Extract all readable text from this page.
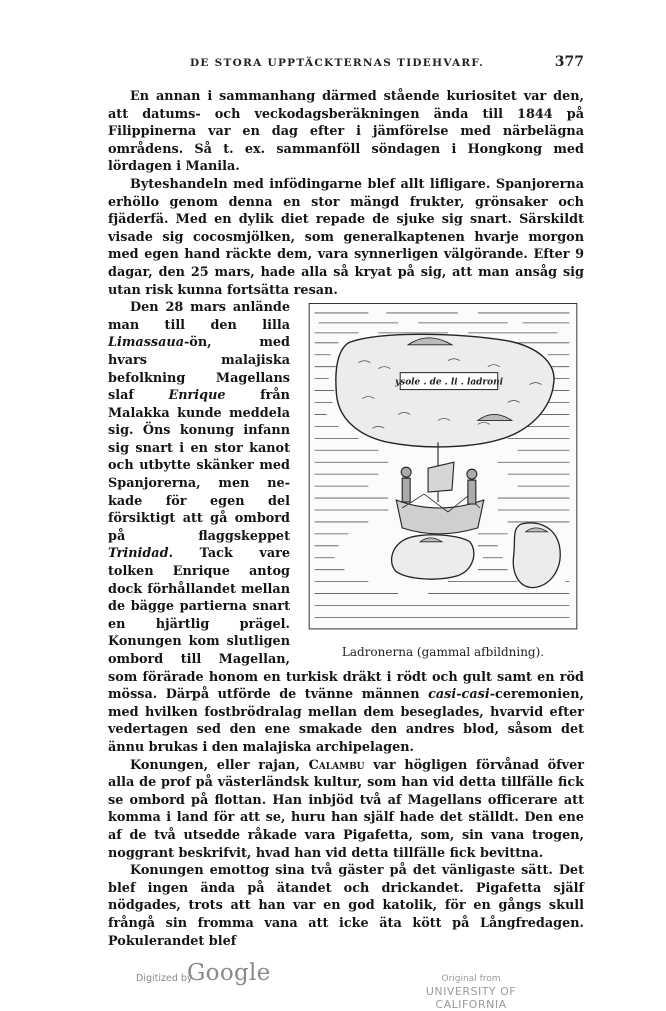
DE STORA UPPTÄCKTERNAS TIDEHVARF.	377

En annan i sammanhang därmed stående kuriositet var den, att datums- och veckodagsberäkningen ända till 1844 på Filippinerna var en dag efter i jämförelse med närbelägna områdens. Så t. ex. sammanföll söndagen i Hongkong med lördagen i Manila.

Byteshandeln med infödingarne blef allt lifligare. Spanjorerna erhöllo genom denna en stor mängd frukter, grönsaker och fjäderfä. Med en dylik diet repade de sjuke sig snart. Särskildt visade sig cocosmjölken, som generalkaptenen hvarje morgon med egen hand räckte dem, vara synnerligen välgörande. Efter 9 dagar, den 25 mars, hade alla så kryat på sig, att man ansåg sig utan risk kunna fortsätta resan.

ysole . de . li . ladroni
Ladronerna (gammal afbildning).

Den 28 mars anlände man till den lilla Limassaua-ön, med hvars malajiska befolkning Magellans slaf Enrique från Malakka kunde meddela sig. Öns konung infann sig snart i en stor kanot och utbytte skänker med Spanjorerna, men nekade för egen del försiktigt att gå ombord på flaggskeppet Trinidad. Tack vare tolken Enrique antog dock förhållandet mellan de bägge partierna snart en hjärtlig prägel. Konungen kom slutligen ombord till Magellan, som förärade honom en turkisk dräkt i rödt och gult samt en röd mössa. Därpå utförde de tvänne männen casi-casi-ceremonien, med hvilken fostbrödralag mellan dem beseglades, hvarvid efter vedertagen sed den ene smakade den andres blod, såsom det ännu brukas i den malajiska archipelagen.

Konungen, eller rajan, Calambu var högligen förvånad öfver alla de prof på västerländsk kultur, som han vid detta tillfälle fick se ombord på flottan. Han inbjöd två af Magellans officerare att komma i land för att se, huru han själf hade det ställdt. Den ene af de två utsedde råkade vara Pigafetta, som, sin vana trogen, noggrant beskrifvit, hvad han vid detta tillfälle fick bevittna.

Konungen emottog sina två gäster på det vänligaste sätt. Det blef ingen ända på ätandet och drickandet. Pigafetta själf nödgades, trots att han var en god katolik, för en gångs skull frångå sin fromma vana att icke äta kött på Långfredagen. Pokulerandet blef

Digitized by
Google	Original from
UNIVERSITY OF CALIFORNIA
